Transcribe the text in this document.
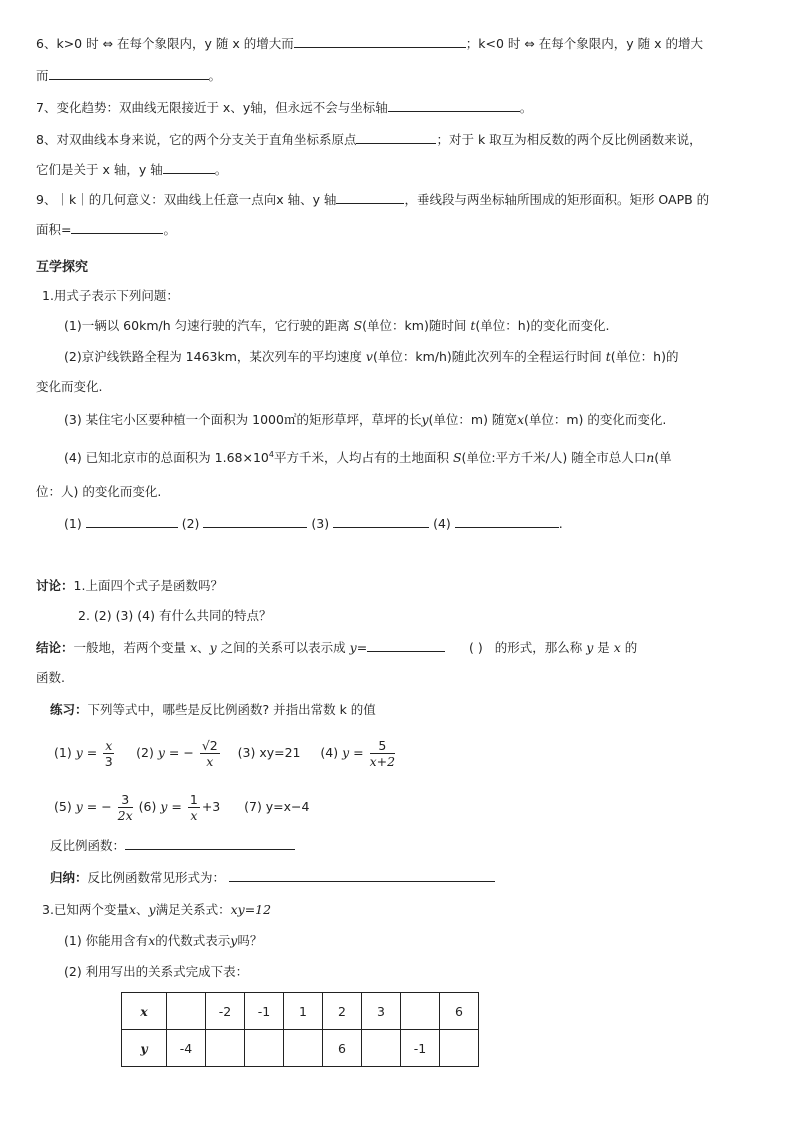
6、k>0 时 ⇔ 在每个象限内，y 随 x 的增大而	；k<0 时 ⇔ 在每个象限内，y 随 x 的增大
而	。
7、变化趋势：双曲线无限接近于 x、y轴，但永远不会与坐标轴	。
8、对双曲线本身来说，它的两个分支关于直角坐标系原点	；对于 k 取互为相反数的两个反比例函数来说，
它们是关于 x 轴，y 轴	。
9、｜k｜的几何意义：双曲线上任意一点向x 轴、y 轴	，垂线段与两坐标轴所围成的矩形面积。矩形 OAPB 的
面积=	。
互学探究
1.用式子表示下列问题：
(1)一辆以 60km/h 匀速行驶的汽车，它行驶的距离 S(单位：km)随时间 t(单位：h)的变化而变化.
(2)京沪线铁路全程为 1463km，某次列车的平均速度 v(单位：km/h)随此次列车的全程运行时间 t(单位：h)的
变化而变化.
(3) 某住宅小区要种植一个面积为 1000㎡的矩形草坪，草坪的长y(单位：m) 随宽x(单位：m) 的变化而变化.
(4) 已知北京市的总面积为 $1.68\times 10^4$平方千米，人均占有的土地面积 S(单位:平方千米/人) 随全市总人口n(单
位：人) 的变化而变化.
(1)	(2)	(3)	(4)	.
讨论：1.上面四个式子是函数吗？
2. (2) (3) (4) 有什么共同的特点？
结论：一般地，若两个变量 x、y 之间的关系可以表示成 y=	( ) 的形式，那么称 y 是 x 的
函数.
练习：下列等式中，哪些是反比例函数? 并指出常数 k 的值
(1) $y = \frac{x}{3} (2) y$ = − $\frac{√2}{x} (3)$ xy=21 (4) $y = \frac{5}{x+2}$
(5) y = − $\frac{3}{2x} (6) y = \frac{1}{x} +3$ (7) y=x−4
反比例函数：
归纳：反比例函数常见形式为：
3.已知两个变量x、y满足关系式：xy=12
(1) 你能用含有x的代数式表示y吗？
(2) 利用写出的关系式完成下表：
x		-2	-1	1	2	3		6
y	-4				6		-1	
